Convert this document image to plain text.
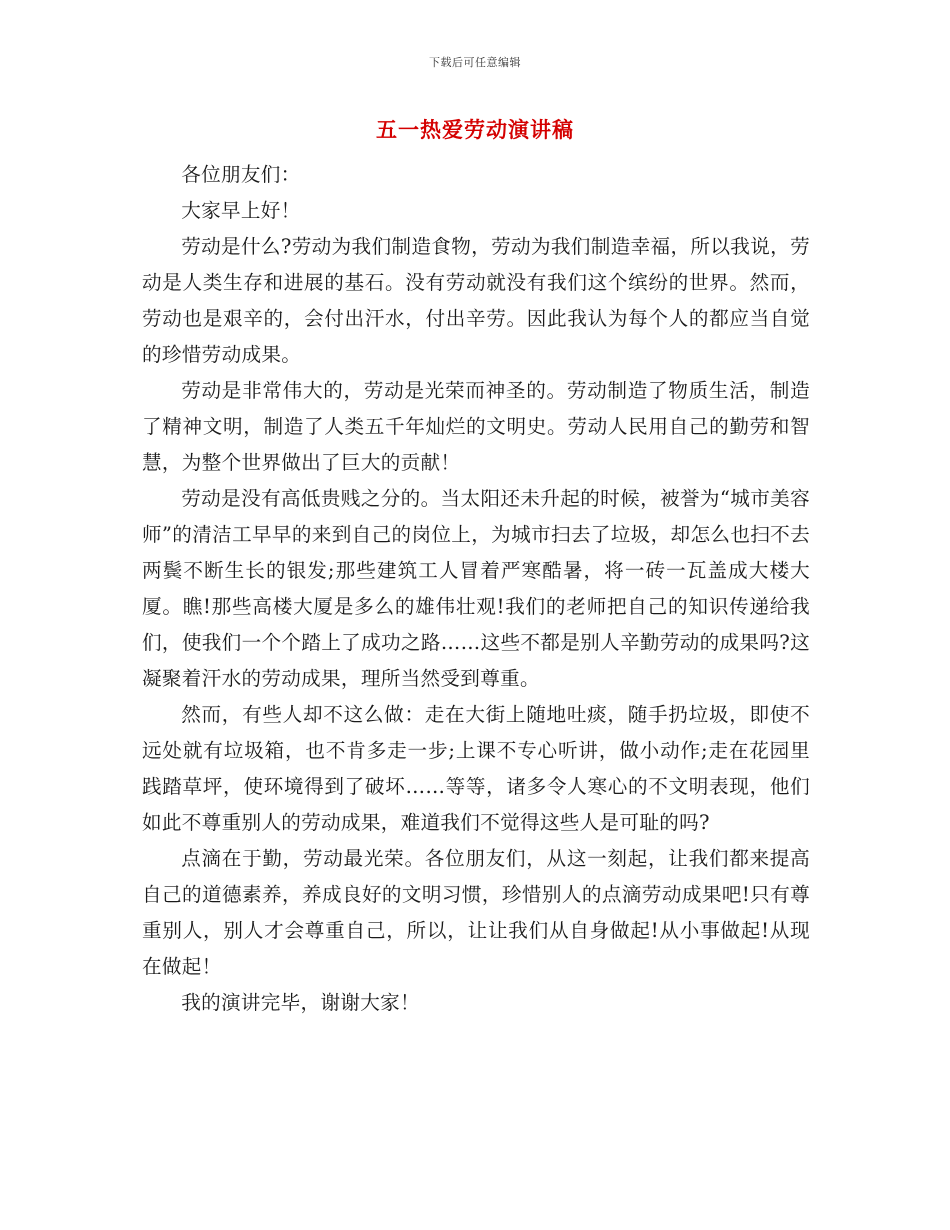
下载后可任意编辑
五一热爱劳动演讲稿

各位朋友们：

大家早上好！

劳动是什么?劳动为我们制造食物，劳动为我们制造幸福，所以我说，劳动是人类生存和进展的基石。没有劳动就没有我们这个缤纷的世界。然而，劳动也是艰辛的，会付出汗水，付出辛劳。因此我认为每个人的都应当自觉的珍惜劳动成果。

劳动是非常伟大的，劳动是光荣而神圣的。劳动制造了物质生活，制造了精神文明，制造了人类五千年灿烂的文明史。劳动人民用自己的勤劳和智慧，为整个世界做出了巨大的贡献！

劳动是没有高低贵贱之分的。当太阳还未升起的时候，被誉为“城市美容师”的清洁工早早的来到自己的岗位上，为城市扫去了垃圾，却怎么也扫不去两鬓不断生长的银发;那些建筑工人冒着严寒酷暑，将一砖一瓦盖成大楼大厦。瞧!那些高楼大厦是多么的雄伟壮观!我们的老师把自己的知识传递给我们，使我们一个个踏上了成功之路……这些不都是别人辛勤劳动的成果吗?这凝聚着汗水的劳动成果，理所当然受到尊重。

然而，有些人却不这么做：走在大街上随地吐痰，随手扔垃圾，即使不远处就有垃圾箱，也不肯多走一步;上课不专心听讲，做小动作;走在花园里践踏草坪，使环境得到了破坏……等等，诸多令人寒心的不文明表现，他们如此不尊重别人的劳动成果，难道我们不觉得这些人是可耻的吗?

点滴在于勤，劳动最光荣。各位朋友们，从这一刻起，让我们都来提高自己的道德素养，养成良好的文明习惯，珍惜别人的点滴劳动成果吧!只有尊重别人，别人才会尊重自己，所以，让让我们从自身做起!从小事做起!从现在做起！

我的演讲完毕，谢谢大家！
